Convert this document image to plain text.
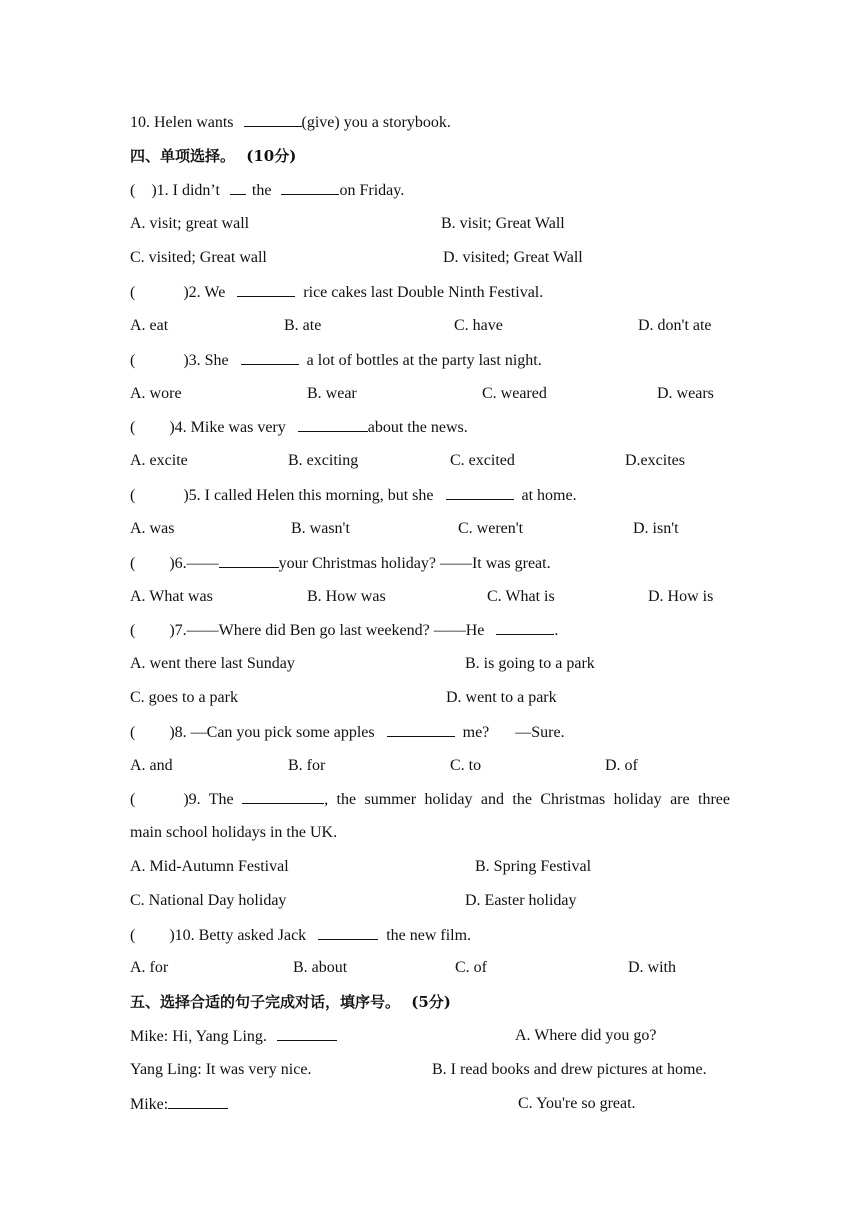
10. Helen wants	(give) you a storybook.
四、单项选择。 (10分)
( )1. I didn’t the	on Friday.
A. visit; great wall	B. visit; Great Wall
C. visited; Great wall	D. visited; Great Wall
(	)2. We	rice cakes last Double Ninth Festival.
A. eat	B. ate	C. have	D. don't ate
(	)3. She	a lot of bottles at the party last night.
A. wore	B. wear	C. weared	D. wears
( )4. Mike was very	about the news.
A. excite	B. exciting	C. excited	D.excites
(	)5. I called Helen this morning, but she	at home.
A. was	B. wasn't	C. weren't	D. isn't
( )6.——	your Christmas holiday? ——It was great.
A. What was	B. How was	C. What is	D. How is
( )7.——Where did Ben go last weekend? ——He	.
A. went there last Sunday	B. is going to a park
C. goes to a park	D. went to a park
( )8. —Can you pick some apples	me? —Sure.
A. and	B. for	C. to	D. of
(	)9. The	, the summer holiday and the Christmas holiday are three
main school holidays in the UK.
A. Mid-Autumn Festival	B. Spring Festival
C. National Day holiday	D. Easter holiday
( )10. Betty asked Jack	the new film.
A. for	B. about	C. of	D. with
五、选择合适的句子完成对话，填序号。 (5分)
Mike: Hi, Yang Ling.	A. Where did you go?
Yang Ling: It was very nice.	B. I read books and drew pictures at home.
Mike:	C. You're so great.
